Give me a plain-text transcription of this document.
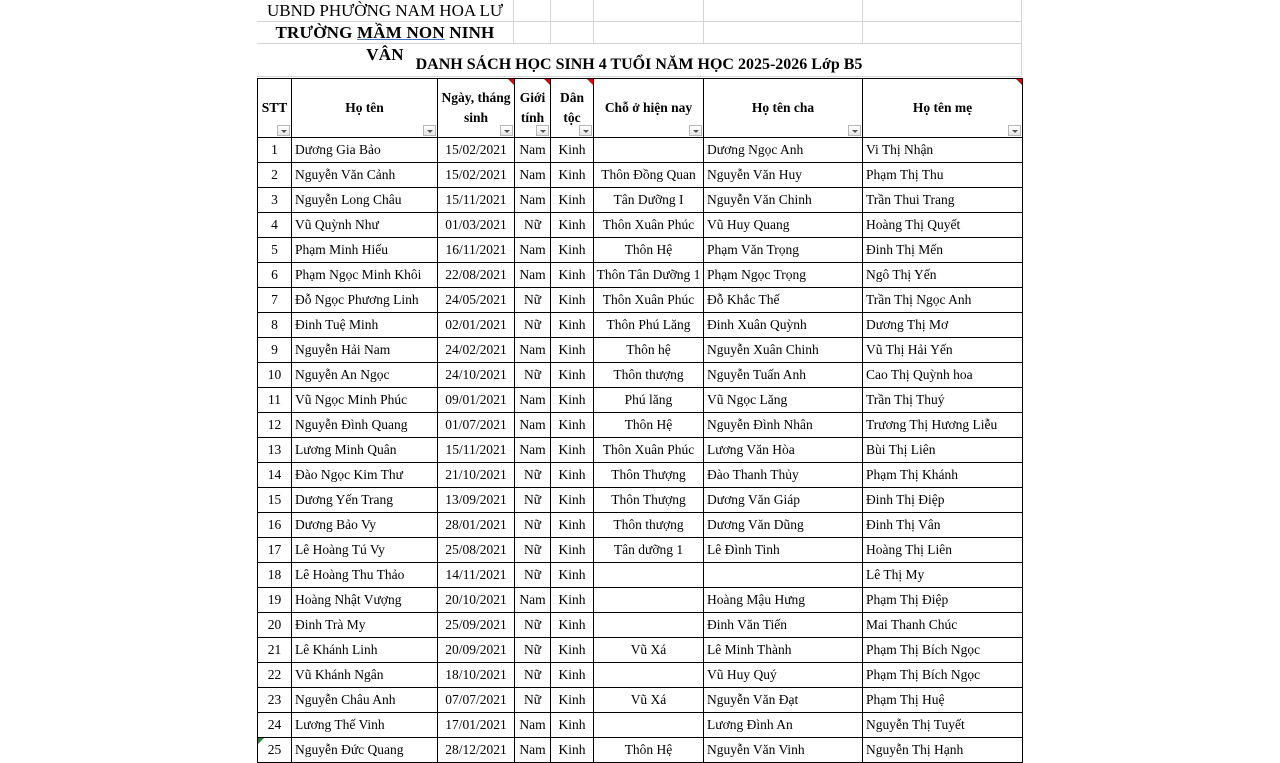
UBND PHƯỜNG NAM HOA LƯ
TRƯỜNG MẦM NON NINH VÂN
DANH SÁCH HỌC SINH 4 TUỔI NĂM HỌC 2025-2026 Lớp B5
STT	Họ tên	Ngày, tháng sinh	Giới tính	Dân tộc	Chỗ ở hiện nay	Họ tên cha	Họ tên mẹ

1	Dương Gia Bảo	15/02/2021	Nam	Kinh		Dương Ngọc Anh	Vi Thị Nhận
2	Nguyễn Văn Cảnh	15/02/2021	Nam	Kinh	Thôn Đồng Quan	Nguyễn Văn Huy	Phạm Thị Thu
3	Nguyễn Long Châu	15/11/2021	Nam	Kinh	Tân Dưỡng I	Nguyễn Văn Chinh	Trần Thui Trang
4	Vũ Quỳnh Như	01/03/2021	Nữ	Kinh	Thôn Xuân Phúc	Vũ Huy Quang	Hoàng Thị Quyết
5	Phạm Minh Hiếu	16/11/2021	Nam	Kinh	Thôn Hệ	Phạm Văn Trọng	Đinh Thị Mến
6	Phạm Ngọc Minh Khôi	22/08/2021	Nam	Kinh	Thôn Tân Dưỡng 1	Phạm Ngọc Trọng	Ngô Thị Yến
7	Đỗ Ngọc Phương Linh	24/05/2021	Nữ	Kinh	Thôn Xuân Phúc	Đỗ Khắc Thế	Trần Thị Ngọc Anh
8	Đinh Tuệ Minh	02/01/2021	Nữ	Kinh	Thôn Phú Lăng	Đinh Xuân Quỳnh	Dương Thị Mơ
9	Nguyễn Hải Nam	24/02/2021	Nam	Kinh	Thôn hệ	Nguyễn Xuân Chinh	Vũ Thị Hải Yến
10	Nguyễn An Ngọc	24/10/2021	Nữ	Kinh	Thôn thượng	Nguyễn Tuấn Anh	Cao Thị Quỳnh hoa
11	Vũ Ngọc Minh Phúc	09/01/2021	Nam	Kinh	Phú lăng	Vũ Ngọc Lăng	Trần Thị Thuý
12	Nguyễn Đình Quang	01/07/2021	Nam	Kinh	Thôn Hệ	Nguyễn Đình Nhân	Trương Thị Hương Liễu
13	Lương Minh Quân	15/11/2021	Nam	Kinh	Thôn Xuân Phúc	Lương Văn Hòa	Bùi Thị Liên
14	Đào Ngọc Kim Thư	21/10/2021	Nữ	Kinh	Thôn Thượng	Đào Thanh Thủy	Phạm Thị Khánh
15	Dương Yến Trang	13/09/2021	Nữ	Kinh	Thôn Thượng	Dương Văn Giáp	Đinh Thị Điệp
16	Dương Bảo Vy	28/01/2021	Nữ	Kinh	Thôn thượng	Dương Văn Dũng	Đinh Thị Vân
17	Lê Hoàng Tú Vy	25/08/2021	Nữ	Kinh	Tân dưỡng 1	Lê Đình Tinh	Hoàng Thị Liên
18	Lê Hoàng Thu Thảo	14/11/2021	Nữ	Kinh			Lê Thị My
19	Hoàng Nhật Vượng	20/10/2021	Nam	Kinh		Hoàng Mậu Hưng	Phạm Thị Điệp
20	Đinh Trà My	25/09/2021	Nữ	Kinh		Đinh Văn Tiến	Mai Thanh Chúc
21	Lê Khánh Linh	20/09/2021	Nữ	Kinh	Vũ Xá	Lê Minh Thành	Phạm Thị Bích Ngọc
22	Vũ Khánh Ngân	18/10/2021	Nữ	Kinh		Vũ Huy Quý	Phạm Thị Bích Ngọc
23	Nguyễn Châu Anh	07/07/2021	Nữ	Kinh	Vũ Xá	Nguyễn Văn Đạt	Phạm Thị Huệ
24	Lương Thế Vinh	17/01/2021	Nam	Kinh		Lương Đình An	Nguyễn Thị Tuyết
25	Nguyễn Đức Quang	28/12/2021	Nam	Kinh	Thôn Hệ	Nguyễn Văn Vinh	Nguyễn Thị Hạnh
